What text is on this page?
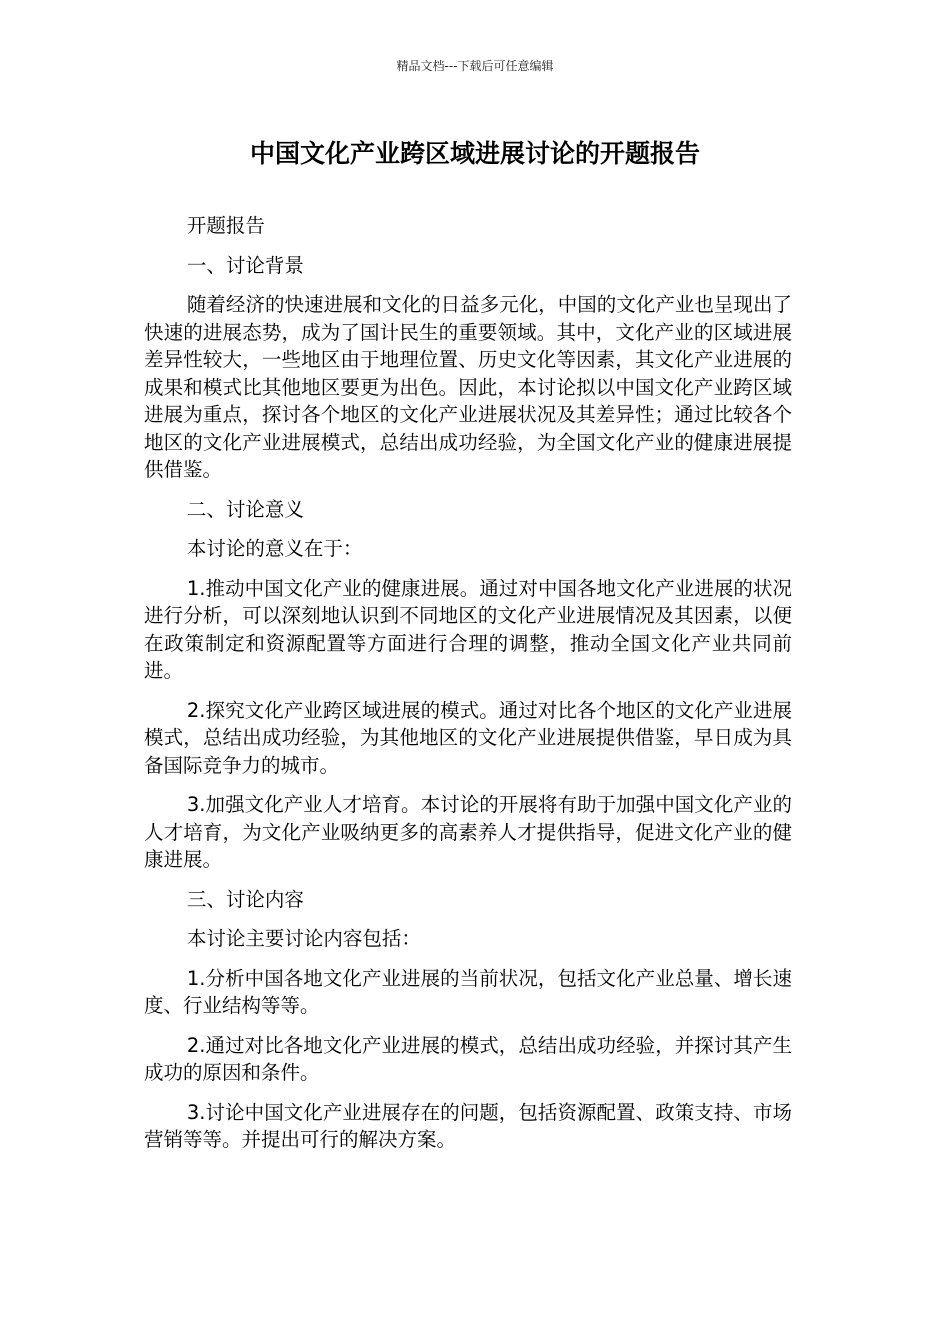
精品文档---下载后可任意编辑
中国文化产业跨区域进展讨论的开题报告

开题报告

一、讨论背景

随着经济的快速进展和文化的日益多元化，中国的文化产业也呈现出了快速的进展态势，成为了国计民生的重要领域。其中，文化产业的区域进展差异性较大，一些地区由于地理位置、历史文化等因素，其文化产业进展的成果和模式比其他地区要更为出色。因此，本讨论拟以中国文化产业跨区域进展为重点，探讨各个地区的文化产业进展状况及其差异性；通过比较各个地区的文化产业进展模式，总结出成功经验，为全国文化产业的健康进展提供借鉴。

二、讨论意义

本讨论的意义在于：

1.推动中国文化产业的健康进展。通过对中国各地文化产业进展的状况进行分析，可以深刻地认识到不同地区的文化产业进展情况及其因素，以便在政策制定和资源配置等方面进行合理的调整，推动全国文化产业共同前进。

2.探究文化产业跨区域进展的模式。通过对比各个地区的文化产业进展模式，总结出成功经验，为其他地区的文化产业进展提供借鉴，早日成为具备国际竞争力的城市。

3.加强文化产业人才培育。本讨论的开展将有助于加强中国文化产业的人才培育，为文化产业吸纳更多的高素养人才提供指导，促进文化产业的健康进展。

三、讨论内容

本讨论主要讨论内容包括：

1.分析中国各地文化产业进展的当前状况，包括文化产业总量、增长速度、行业结构等等。

2.通过对比各地文化产业进展的模式，总结出成功经验，并探讨其产生成功的原因和条件。

3.讨论中国文化产业进展存在的问题，包括资源配置、政策支持、市场营销等等。并提出可行的解决方案。
